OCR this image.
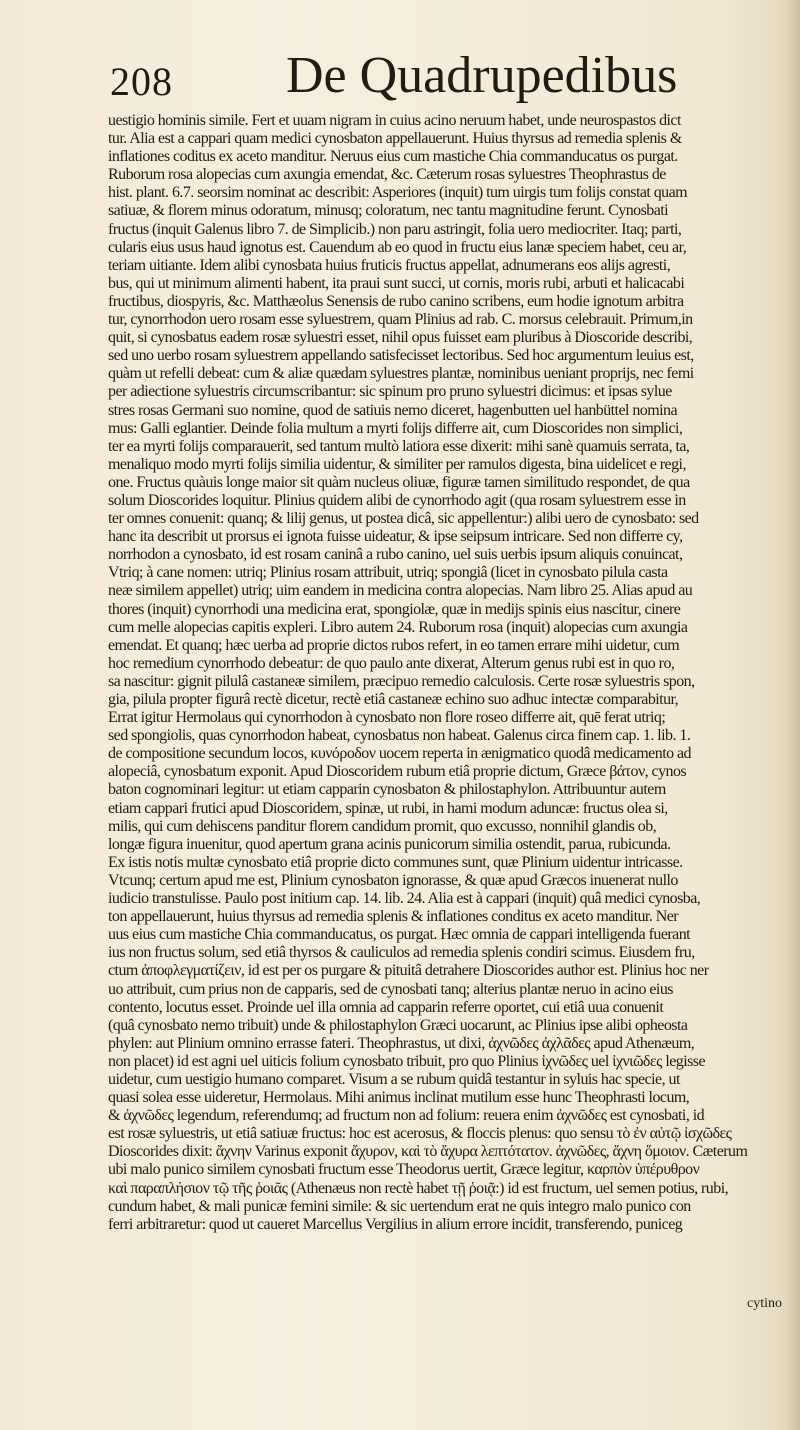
208 De Quadrupedibus
uestigio hominis simile. Fert et uuam nigram in cuius acino neruum habet, unde neurospastos dict
tur. Alia est a cappari quam medici cynosbaton appellauerunt. Huius thyrsus ad remedia splenis &
inflationes coditus ex aceto manditur. Neruus eius cum mastiche Chia commanducatus os purgat.
Ruborum rosa alopecias cum axungia emendat, &c. Cæterum rosas syluestres Theophrastus de
hist. plant. 6.7. seorsim nominat ac describit: Asperiores (inquit) tum uirgis tum folijs constat quam
satiuæ, & florem minus odoratum, minusq; coloratum, nec tantu magnitudine ferunt. Cynosbati
fructus (inquit Galenus libro 7. de Simplicib.) non paru astringit, folia uero mediocriter. Itaq; parti,
cularis eius usus haud ignotus est. Cauendum ab eo quod in fructu eius lanæ speciem habet, ceu ar,
teriam uitiante. Idem alibi cynosbata huius fruticis fructus appellat, adnumerans eos alijs agresti,
bus, qui ut minimum alimenti habent, ita praui sunt succi, ut cornis, moris rubi, arbuti et halicacabi
fructibus, diospyris, &c. Matthæolus Senensis de rubo canino scribens, eum hodie ignotum arbitra
tur, cynorrhodon uero rosam esse syluestrem, quam Plinius ad rab. C. morsus celebrauit. Primum,in
quit, si cynosbatus eadem rosæ syluestri esset, nihil opus fuisset eam pluribus à Dioscoride describi,
sed uno uerbo rosam syluestrem appellando satisfecisset lectoribus. Sed hoc argumentum leuius est,
quàm ut refelli debeat: cum & aliæ quædam syluestres plantæ, nominibus ueniant proprijs, nec femi
per adiectione syluestris circumscribantur: sic spinum pro pruno syluestri dicimus: et ipsas sylue
stres rosas Germani suo nomine, quod de satiuis nemo diceret, hagenbutten uel hanbüttel nomina
mus: Galli eglantier. Deinde folia multum a myrti folijs differre ait, cum Dioscorides non simplici,
ter ea myrti folijs comparauerit, sed tantum multò latiora esse dixerit: mihi sanè quamuis serrata, ta,
menaliquo modo myrti folijs similia uidentur, & similiter per ramulos digesta, bina uidelicet e regi,
one. Fructus quàuis longe maior sit quàm nucleus oliuæ, figuræ tamen similitudo respondet, de qua
solum Dioscorides loquitur. Plinius quidem alibi de cynorrhodo agit (qua rosam syluestrem esse in
ter omnes conuenit: quanq; & lilij genus, ut postea dicâ, sic appellentur:) alibi uero de cynosbato: sed
hanc ita describit ut prorsus ei ignota fuisse uideatur, & ipse seipsum intricare. Sed non differre cy,
norrhodon a cynosbato, id est rosam caninâ a rubo canino, uel suis uerbis ipsum aliquis conuincat,
Vtriq; à cane nomen: utriq; Plinius rosam attribuit, utriq; spongiâ (licet in cynosbato pilula casta
neæ similem appellet) utriq; uim eandem in medicina contra alopecias. Nam libro 25. Alias apud au
thores (inquit) cynorrhodi una medicina erat, spongiolæ, quæ in medijs spinis eius nascitur, cinere
cum melle alopecias capitis expleri. Libro autem 24. Ruborum rosa (inquit) alopecias cum axungia
emendat. Et quanq; hæc uerba ad proprie dictos rubos refert, in eo tamen errare mihi uidetur, cum
hoc remedium cynorrhodo debeatur: de quo paulo ante dixerat, Alterum genus rubi est in quo ro,
sa nascitur: gignit pilulâ castaneæ similem, præcipuo remedio calculosis. Certe rosæ syluestris spon,
gia, pilula propter figurâ rectè dicetur, rectè etiâ castaneæ echino suo adhuc intectæ comparabitur,
Errat igitur Hermolaus qui cynorrhodon à cynosbato non flore roseo differre ait, quē ferat utriq;
sed spongiolis, quas cynorrhodon habeat, cynosbatus non habeat. Galenus circa finem cap. 1. lib. 1.
de compositione secundum locos, κυνόροδον uocem reperta in ænigmatico quodâ medicamento ad
alopeciâ, cynosbatum exponit. Apud Dioscoridem rubum etiâ proprie dictum, Græce βάτον, cynos
baton cognominari legitur: ut etiam capparin cynosbaton & philostaphylon. Attribuuntur autem
etiam cappari frutici apud Dioscoridem, spinæ, ut rubi, in hami modum aduncæ: fructus olea si,
milis, qui cum dehiscens panditur florem candidum promit, quo excusso, nonnihil glandis ob,
longæ figura inuenitur, quod apertum grana acinis punicorum similia ostendit, parua, rubicunda.
Ex istis notis multæ cynosbato etiâ proprie dicto communes sunt, quæ Plinium uidentur intricasse.
Vtcunq; certum apud me est, Plinium cynosbaton ignorasse, & quæ apud Græcos inuenerat nullo
iudicio transtulisse. Paulo post initium cap. 14. lib. 24. Alia est à cappari (inquit) quâ medici cynosba,
ton appellauerunt, huius thyrsus ad remedia splenis & inflationes conditus ex aceto manditur. Ner
uus eius cum mastiche Chia commanducatus, os purgat. Hæc omnia de cappari intelligenda fuerant
ius non fructus solum, sed etiâ thyrsos & cauliculos ad remedia splenis condiri scimus. Eiusdem fru,
ctum ἀποφλεγματίζειν, id est per os purgare & pituitâ detrahere Dioscorides author est. Plinius hoc ner
uo attribuit, cum prius non de capparis, sed de cynosbati tanq; alterius plantæ neruo in acino eius
contento, locutus esset. Proinde uel illa omnia ad capparin referre oportet, cui etiâ uua conuenit
(quâ cynosbato nemo tribuit) unde & philostaphylon Græci uocarunt, ac Plinius ipse alibi opheosta
phylen: aut Plinium omnino errasse fateri. Theophrastus, ut dixi, ἀχνῶδες ἀχλᾶδες apud Athenæum,
non placet) id est agni uel uiticis folium cynosbato tribuit, pro quo Plinius ἰχνῶδες uel ἰχνιῶδες legisse
uidetur, cum uestigio humano comparet. Visum a se rubum quidâ testantur in syluis hac specie, ut
quasi solea esse uideretur, Hermolaus. Mihi animus inclinat mutilum esse hunc Theophrasti locum,
& ἀχνῶδες legendum, referendumq; ad fructum non ad folium: reuera enim ἀχνῶδες est cynosbati, id
est rosæ syluestris, ut etiâ satiuæ fructus: hoc est acerosus, & floccis plenus: quo sensu τὸ ἐν αὐτῷ ἰσχῶδες
Dioscorides dixit: ἄχνην Varinus exponit ἄχυρον, καὶ τὸ ἄχυρα λεπτότατον. ἀχνῶδες, ἄχνη ὅμοιον. Cæterum
ubi malo punico similem cynosbati fructum esse Theodorus uertit, Græce legitur, καρπὸν ὑπέρυθρον
καὶ παραπλήσιον τῷ τῆς ῥοιᾶς (Athenæus non rectè habet τῇ ῥοιᾷ:) id est fructum, uel semen potius, rubi,
cundum habet, & mali punicæ femini simile: & sic uertendum erat ne quis integro malo punico con
ferri arbitraretur: quod ut caueret Marcellus Vergilius in alium errore incidit, transferendo, puniceg
cytino
